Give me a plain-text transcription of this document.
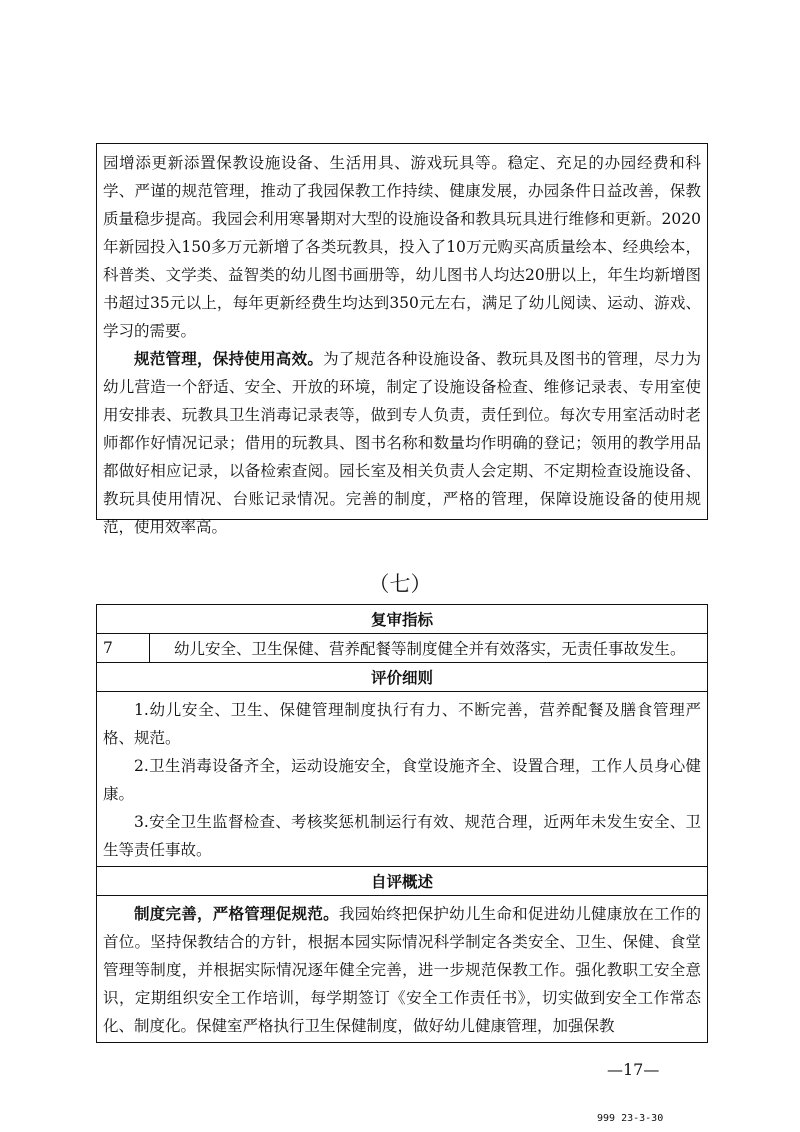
园增添更新添置保教设施设备、生活用具、游戏玩具等。稳定、充足的办园经费和科学、严谨的规范管理，推动了我园保教工作持续、健康发展，办园条件日益改善，保教质量稳步提高。我园会利用寒暑期对大型的设施设备和教具玩具进行维修和更新。2020年新园投入150多万元新增了各类玩教具，投入了10万元购买高质量绘本、经典绘本，科普类、文学类、益智类的幼儿图书画册等，幼儿图书人均达20册以上，年生均新增图书超过35元以上，每年更新经费生均达到350元左右，满足了幼儿阅读、运动、游戏、学习的需要。

规范管理，保持使用高效。为了规范各种设施设备、教玩具及图书的管理，尽力为幼儿营造一个舒适、安全、开放的环境，制定了设施设备检查、维修记录表、专用室使用安排表、玩教具卫生消毒记录表等，做到专人负责，责任到位。每次专用室活动时老师都作好情况记录；借用的玩教具、图书名称和数量均作明确的登记；领用的教学用品都做好相应记录，以备检索查阅。园长室及相关负责人会定期、不定期检查设施设备、教玩具使用情况、台账记录情况。完善的制度，严格的管理，保障设施设备的使用规范，使用效率高。

（七）
复审指标
7	幼儿安全、卫生保健、营养配餐等制度健全并有效落实，无责任事故发生。
评价细则

1.幼儿安全、卫生、保健管理制度执行有力、不断完善，营养配餐及膳食管理严格、规范。

2.卫生消毒设备齐全，运动设施安全，食堂设施齐全、设置合理，工作人员身心健康。

3.安全卫生监督检查、考核奖惩机制运行有效、规范合理，近两年未发生安全、卫生等责任事故。

自评概述

制度完善，严格管理促规范。我园始终把保护幼儿生命和促进幼儿健康放在工作的首位。坚持保教结合的方针，根据本园实际情况科学制定各类安全、卫生、保健、食堂管理等制度，并根据实际情况逐年健全完善，进一步规范保教工作。强化教职工安全意识，定期组织安全工作培训，每学期签订《安全工作责任书》，切实做到安全工作常态化、制度化。保健室严格执行卫生保健制度，做好幼儿健康管理，加强保教

—17—
999 23-3-30
